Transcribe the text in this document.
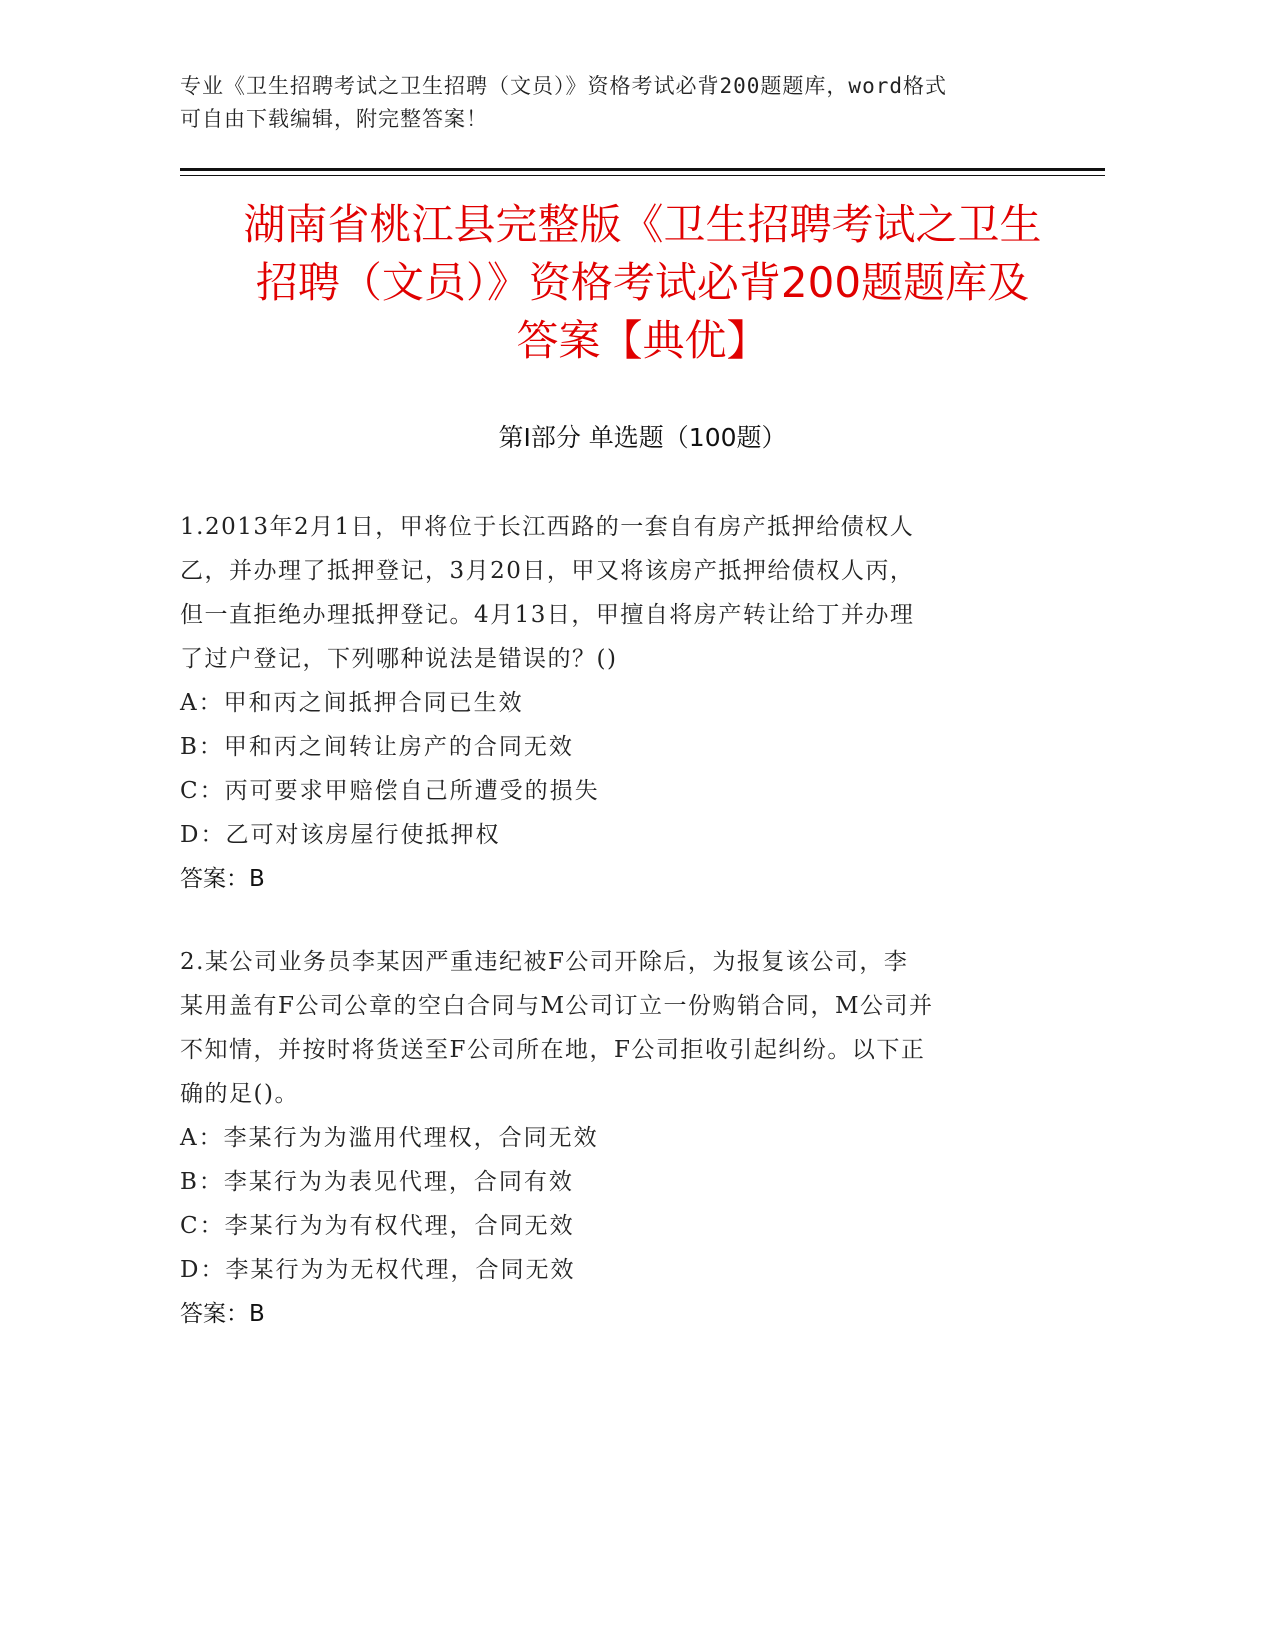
专业《卫生招聘考试之卫生招聘（文员）》资格考试必背200题题库，word格式
可自由下载编辑，附完整答案！
湖南省桃江县完整版《卫生招聘考试之卫生
招聘（文员）》资格考试必背200题题库及
答案【典优】
第Ⅰ部分 单选题（100题）
1.2013年2月1日，甲将位于长江西路的一套自有房产抵押给债权人
乙，并办理了抵押登记，3月20日，甲又将该房产抵押给债权人丙，
但一直拒绝办理抵押登记。4月13日，甲擅自将房产转让给丁并办理
了过户登记，下列哪种说法是错误的？()
A：甲和丙之间抵押合同已生效
B：甲和丙之间转让房产的合同无效
C：丙可要求甲赔偿自己所遭受的损失
D：乙可对该房屋行使抵押权
答案：B
2.某公司业务员李某因严重违纪被F公司开除后，为报复该公司，李
某用盖有F公司公章的空白合同与M公司订立一份购销合同，M公司并
不知情，并按时将货送至F公司所在地，F公司拒收引起纠纷。以下正
确的足()。
A：李某行为为滥用代理权，合同无效
B：李某行为为表见代理，合同有效
C：李某行为为有权代理，合同无效
D：李某行为为无权代理，合同无效
答案：B
